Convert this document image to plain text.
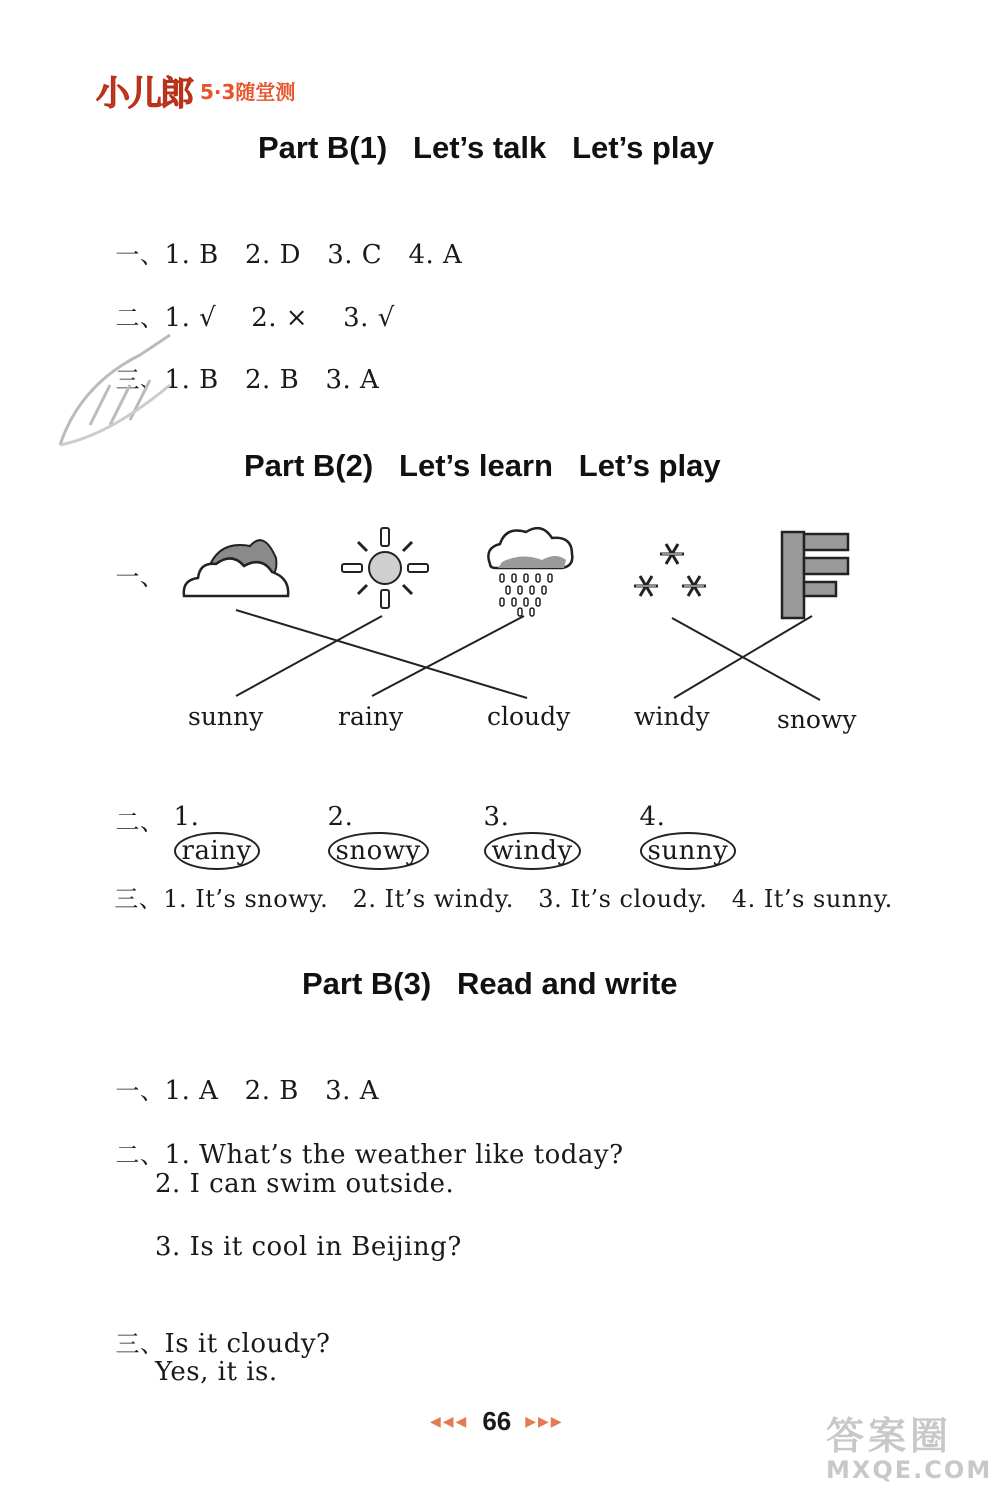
小儿郎 5·3随堂测
Part B(1)   Let’s talk   Let’s play

一、1. B   2. D   3. C   4. A

二、1. √    2. ×    3. √

三、1. B   2. B   3. A

Part B(2)   Let’s learn   Let’s play

一、

sunny	rainy	cloudy	windy	snowy

二、 1.
rainy

2.
snowy

3.
windy

4.
sunny

三、1. It’s snowy.   2. It’s windy.   3. It’s cloudy.   4. It’s sunny.

Part B(3)   Read and write

一、1. A   2. B   3. A

二、1. What’s the weather like today?

2. I can swim outside.
3. Is it cool in Beijing?

三、Is it cloudy?

Yes, it is.
◀◀◀ 66 ▶▶▶	答案圈
MXQE.COM
